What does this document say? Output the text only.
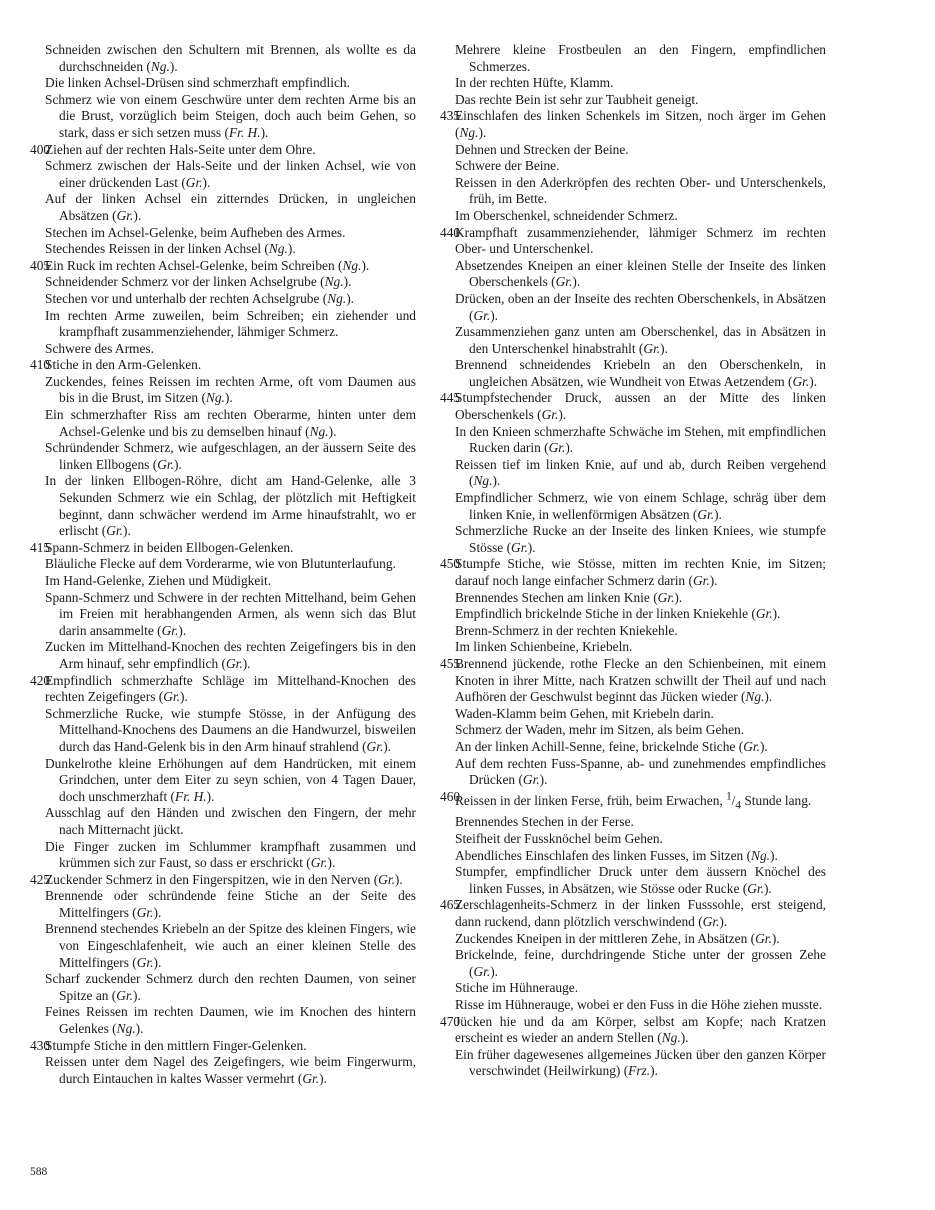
Schneiden zwischen den Schultern mit Brennen, als wollte es da durchschneiden (Ng.).
Die linken Achsel-Drüsen sind schmerzhaft empfindlich.
Schmerz wie von einem Geschwüre unter dem rechten Arme bis an die Brust, vorzüglich beim Steigen, doch auch beim Gehen, so stark, dass er sich setzen muss (Fr. H.).
400
Ziehen auf der rechten Hals-Seite unter dem Ohre.
Schmerz zwischen der Hals-Seite und der linken Achsel, wie von einer drückenden Last (Gr.).
Auf der linken Achsel ein zitterndes Drücken, in ungleichen Absätzen (Gr.).
Stechen im Achsel-Gelenke, beim Aufheben des Armes.
Stechendes Reissen in der linken Achsel (Ng.).
405
Ein Ruck im rechten Achsel-Gelenke, beim Schreiben (Ng.).
Schneidender Schmerz vor der linken Achselgrube (Ng.).
Stechen vor und unterhalb der rechten Achselgrube (Ng.).
Im rechten Arme zuweilen, beim Schreiben; ein ziehender und krampfhaft zusammenziehender, lähmiger Schmerz.
Schwere des Armes.
410
Stiche in den Arm-Gelenken.
Zuckendes, feines Reissen im rechten Arme, oft vom Daumen aus bis in die Brust, im Sitzen (Ng.).
Ein schmerzhafter Riss am rechten Oberarme, hinten unter dem Achsel-Gelenke und bis zu demselben hinauf (Ng.).
Schründender Schmerz, wie aufgeschlagen, an der äussern Seite des linken Ellbogens (Gr.).
In der linken Ellbogen-Röhre, dicht am Hand-Gelenke, alle 3 Sekunden Schmerz wie ein Schlag, der plötzlich mit Heftigkeit beginnt, dann schwächer werdend im Arme hinaufstrahlt, wo er erlischt (Gr.).
415
Spann-Schmerz in beiden Ellbogen-Gelenken.
Bläuliche Flecke auf dem Vorderarme, wie von Blutunterlaufung.
Im Hand-Gelenke, Ziehen und Müdigkeit.
Spann-Schmerz und Schwere in der rechten Mittelhand, beim Gehen im Freien mit herabhangenden Armen, als wenn sich das Blut darin ansammelte (Gr.).
Zucken im Mittelhand-Knochen des rechten Zeigefingers bis in den Arm hinauf, sehr empfindlich (Gr.).
420
Empfindlich schmerzhafte Schläge im Mittelhand-Knochen des rechten Zeigefingers (Gr.).
Schmerzliche Rucke, wie stumpfe Stösse, in der Anfügung des Mittelhand-Knochens des Daumens an die Handwurzel, bisweilen durch das Hand-Gelenk bis in den Arm hinauf strahlend (Gr.).
Dunkelrothe kleine Erhöhungen auf dem Handrücken, mit einem Grindchen, unter dem Eiter zu seyn schien, von 4 Tagen Dauer, doch unschmerzhaft (Fr. H.).
Ausschlag auf den Händen und zwischen den Fingern, der mehr nach Mitternacht jückt.
Die Finger zucken im Schlummer krampfhaft zusammen und krümmen sich zur Faust, so dass er erschrickt (Gr.).
425
Zuckender Schmerz in den Fingerspitzen, wie in den Nerven (Gr.).
Brennende oder schründende feine Stiche an der Seite des Mittelfingers (Gr.).
Brennend stechendes Kriebeln an der Spitze des kleinen Fingers, wie von Eingeschlafenheit, wie auch an einer kleinen Stelle des Mittelfingers (Gr.).
Scharf zuckender Schmerz durch den rechten Daumen, von seiner Spitze an (Gr.).
Feines Reissen im rechten Daumen, wie im Knochen des hintern Gelenkes (Ng.).
430
Stumpfe Stiche in den mittlern Finger-Gelenken.
Reissen unter dem Nagel des Zeigefingers, wie beim Fingerwurm, durch Eintauchen in kaltes Wasser vermehrt (Gr.).
Mehrere kleine Frostbeulen an den Fingern, empfindlichen Schmerzes.
In der rechten Hüfte, Klamm.
Das rechte Bein ist sehr zur Taubheit geneigt.
435
Einschlafen des linken Schenkels im Sitzen, noch ärger im Gehen (Ng.).
Dehnen und Strecken der Beine.
Schwere der Beine.
Reissen in den Aderkröpfen des rechten Ober- und Unterschenkels, früh, im Bette.
Im Oberschenkel, schneidender Schmerz.
440
Krampfhaft zusammenziehender, lähmiger Schmerz im rechten Ober- und Unterschenkel.
Absetzendes Kneipen an einer kleinen Stelle der Inseite des linken Oberschenkels (Gr.).
Drücken, oben an der Inseite des rechten Oberschenkels, in Absätzen (Gr.).
Zusammenziehen ganz unten am Oberschenkel, das in Absätzen in den Unterschenkel hinabstrahlt (Gr.).
Brennend schneidendes Kriebeln an den Oberschenkeln, in ungleichen Absätzen, wie Wundheit von Etwas Aetzendem (Gr.).
445
Stumpfstechender Druck, aussen an der Mitte des linken Oberschenkels (Gr.).
In den Knieen schmerzhafte Schwäche im Stehen, mit empfindlichen Rucken darin (Gr.).
Reissen tief im linken Knie, auf und ab, durch Reiben vergehend (Ng.).
Empfindlicher Schmerz, wie von einem Schlage, schräg über dem linken Knie, in wellenförmigen Absätzen (Gr.).
Schmerzliche Rucke an der Inseite des linken Kniees, wie stumpfe Stösse (Gr.).
450
Stumpfe Stiche, wie Stösse, mitten im rechten Knie, im Sitzen; darauf noch lange einfacher Schmerz darin (Gr.).
Brennendes Stechen am linken Knie (Gr.).
Empfindlich brickelnde Stiche in der linken Kniekehle (Gr.).
Brenn-Schmerz in der rechten Kniekehle.
Im linken Schienbeine, Kriebeln.
455
Brennend jückende, rothe Flecke an den Schienbeinen, mit einem Knoten in ihrer Mitte, nach Kratzen schwillt der Theil auf und nach Aufhören der Geschwulst beginnt das Jücken wieder (Ng.).
Waden-Klamm beim Gehen, mit Kriebeln darin.
Schmerz der Waden, mehr im Sitzen, als beim Gehen.
An der linken Achill-Senne, feine, brickelnde Stiche (Gr.).
Auf dem rechten Fuss-Spanne, ab- und zunehmendes empfindliches Drücken (Gr.).
460
Reissen in der linken Ferse, früh, beim Erwachen, $^1/_4$ Stunde lang.
Brennendes Stechen in der Ferse.
Steifheit der Fussknöchel beim Gehen.
Abendliches Einschlafen des linken Fusses, im Sitzen (Ng.).
Stumpfer, empfindlicher Druck unter dem äussern Knöchel des linken Fusses, in Absätzen, wie Stösse oder Rucke (Gr.).
465
Zerschlagenheits-Schmerz in der linken Fusssohle, erst steigend, dann ruckend, dann plötzlich verschwindend (Gr.).
Zuckendes Kneipen in der mittleren Zehe, in Absätzen (Gr.).
Brickelnde, feine, durchdringende Stiche unter der grossen Zehe (Gr.).
Stiche im Hühnerauge.
Risse im Hühnerauge, wobei er den Fuss in die Höhe ziehen musste.
470
Jücken hie und da am Körper, selbst am Kopfe; nach Kratzen erscheint es wieder an andern Stellen (Ng.).
Ein früher dagewesenes allgemeines Jücken über den ganzen Körper verschwindet (Heilwirkung) (Frz.).
588
